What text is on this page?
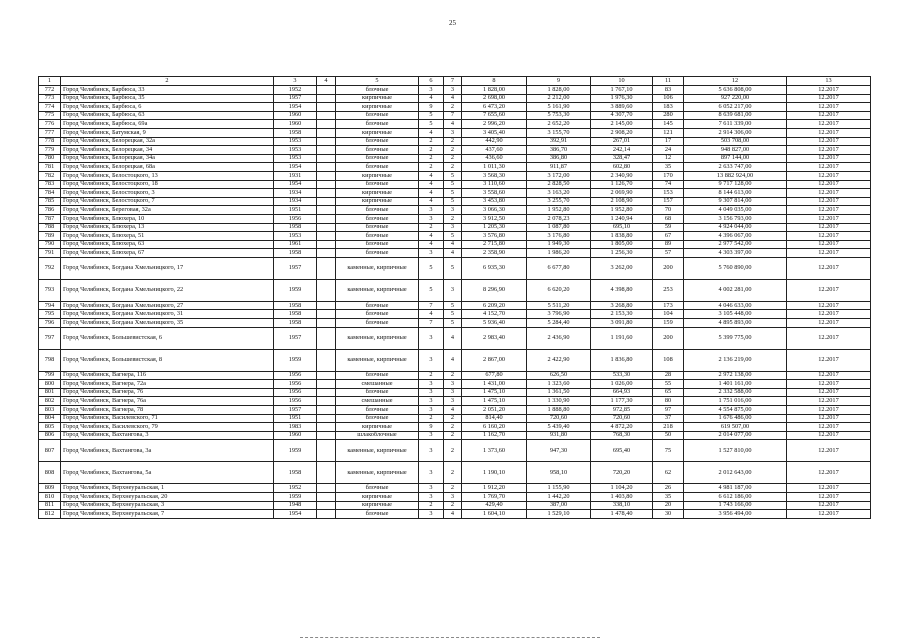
25
1	2	3	4	5	6	7	8	9	10	11	12	13
772	Город Челябинск, Барбюса, 33	1952		блочные	3	3	1 828,00	1 828,00	1 767,10	83	5 636 808,00	12.2017
773	Город Челябинск, Барбюса, 35	1957		кирпичные	4	4	2 698,00	2 212,00	1 976,30	106	927 220,00	12.2017
774	Город Челябинск, Барбюса, 6	1954		кирпичные	9	2	6 473,20	5 161,90	3 889,60	183	6 052 217,00	12.2017
775	Город Челябинск, Барбюса, 63	1960		блочные	5	7	7 655,60	5 753,30	4 307,70	280	8 639 681,00	12.2017
776	Город Челябинск, Барбюса, 69а	1960		блочные	5	4	2 996,20	2 652,20	2 145,00	145	7 611 339,00	12.2017
777	Город Челябинск, Батумская, 9	1958		кирпичные	4	3	3 405,40	3 155,70	2 908,20	121	2 914 306,00	12.2017
778	Город Челябинск, Белорецкая, 32а	1953		блочные	2	2	442,90	392,91	267,01	17	503 708,00	12.2017
779	Город Челябинск, Белорецкая, 34	1953		блочные	2	2	437,60	386,70	242,14	24	948 827,00	12.2017
780	Город Челябинск, Белорецкая, 34а	1953		блочные	2	2	436,60	386,80	328,47	12	897 144,00	12.2017
781	Город Челябинск, Белорецкая, 68а	1954		блочные	2	2	1 011,30	911,87	602,80	35	2 633 747,00	12.2017
782	Город Челябинск, Белостоцкого, 13	1931		кирпичные	4	5	3 568,30	3 172,00	2 340,90	170	13 882 924,00	12.2017
783	Город Челябинск, Белостоцкого, 18	1954		блочные	4	5	3 110,60	2 828,50	1 126,70	74	9 717 128,00	12.2017
784	Город Челябинск, Белостоцкого, 3	1934		кирпичные	4	5	3 558,60	3 163,20	2 069,90	153	8 144 613,00	12.2017
785	Город Челябинск, Белостоцкого, 7	1934		кирпичные	4	5	3 453,80	3 255,70	2 108,90	157	9 307 814,00	12.2017
786	Город Челябинск, Береговая, 32а	1951		блочные	3	3	3 066,30	1 952,80	1 952,80	70	4 049 035,00	12.2017
787	Город Челябинск, Блюхера, 10	1956		блочные	3	2	3 912,50	2 078,23	1 240,94	68	3 156 793,00	12.2017
788	Город Челябинск, Блюхера, 13	1958		блочные	2	3	1 205,30	1 087,80	695,10	59	4 924 044,00	12.2017
789	Город Челябинск, Блюхера, 51	1953		блочные	4	5	3 576,80	3 176,80	1 838,80	67	4 396 067,00	12.2017
790	Город Челябинск, Блюхера, 63	1961		блочные	4	4	2 715,80	1 949,30	1 805,00	89	2 977 542,00	12.2017
791	Город Челябинск, Блюхера, 67	1958		блочные	3	4	2 358,90	1 986,20	1 256,30	57	4 303 397,00	12.2017
792	Город Челябинск, Богдана Хмельницкого, 17	1957		каменные, кирпичные	5	5	6 935,30	6 677,80	3 262,00	200	5 760 890,00	12.2017
793	Город Челябинск, Богдана Хмельницкого, 22	1959		каменные, кирпичные	5	3	8 296,90	6 620,20	4 398,80	253	4 002 281,00	12.2017
794	Город Челябинск, Богдана Хмельницкого, 27	1958		блочные	7	5	6 209,20	5 511,20	3 268,80	173	4 046 633,00	12.2017
795	Город Челябинск, Богдана Хмельницкого, 31	1958		блочные	4	5	4 152,70	3 796,90	2 153,30	104	3 105 448,00	12.2017
796	Город Челябинск, Богдана Хмельницкого, 35	1958		блочные	7	5	5 936,40	5 284,40	3 091,80	159	4 895 893,00	12.2017
797	Город Челябинск, Большевистская, 6	1957		каменные, кирпичные	3	4	2 983,40	2 436,90	1 191,60	200	5 399 775,00	12.2017
798	Город Челябинск, Большевистская, 8	1959		каменные, кирпичные	3	4	2 867,00	2 422,90	1 836,80	108	2 136 219,00	12.2017
799	Город Челябинск, Вагнера, 116	1956		блочные	2	2	677,80	626,50	533,30	28	2 972 138,00	12.2017
800	Город Челябинск, Вагнера, 72а	1956		смешанные	3	3	1 431,00	1 323,60	1 026,00	55	1 401 161,00	12.2017
801	Город Челябинск, Вагнера, 76	1956		блочные	3	3	1 475,10	1 361,50	664,93	65	2 332 588,00	12.2017
802	Город Челябинск, Вагнера, 76а	1956		смешанные	3	3	1 475,10	1 330,90	1 177,30	80	1 751 016,00	12.2017
803	Город Челябинск, Вагнера, 78	1957		блочные	3	4	2 051,20	1 888,80	972,85	97	4 554 875,00	12.2017
804	Город Челябинск, Василевского, 71	1951		блочные	2	2	814,40	720,60	720,60	37	1 676 486,00	12.2017
805	Город Челябинск, Василевского, 79	1983		кирпичные	9	2	6 160,20	5 439,40	4 872,20	218	619 507,00	12.2017
806	Город Челябинск, Вахтангова, 3	1960		шлакоблочные	3	2	1 162,70	931,80	768,30	50	2 014 077,00	12.2017
807	Город Челябинск, Вахтангова, 3а	1959		каменные, кирпичные	3	2	1 373,60	947,30	695,40	75	1 527 810,00	12.2017
808	Город Челябинск, Вахтангова, 5а	1958		каменные, кирпичные	3	2	1 190,10	958,10	720,20	62	2 012 643,00	12.2017
809	Город Челябинск, Верхнеуральская, 1	1952		блочные	3	2	1 912,20	1 155,90	1 104,20	26	4 981 187,00	12.2017
810	Город Челябинск, Верхнеуральская, 20	1959		кирпичные	3	3	1 769,70	1 442,20	1 403,80	35	6 612 186,00	12.2017
811	Город Челябинск, Верхнеуральская, 3	1948		кирпичные	2	2	429,40	387,00	338,10	20	1 743 166,00	12.2017
812	Город Челябинск, Верхнеуральская, 7	1954		блочные	3	4	1 604,10	1 529,10	1 478,40	30	3 956 494,00	12.2017
